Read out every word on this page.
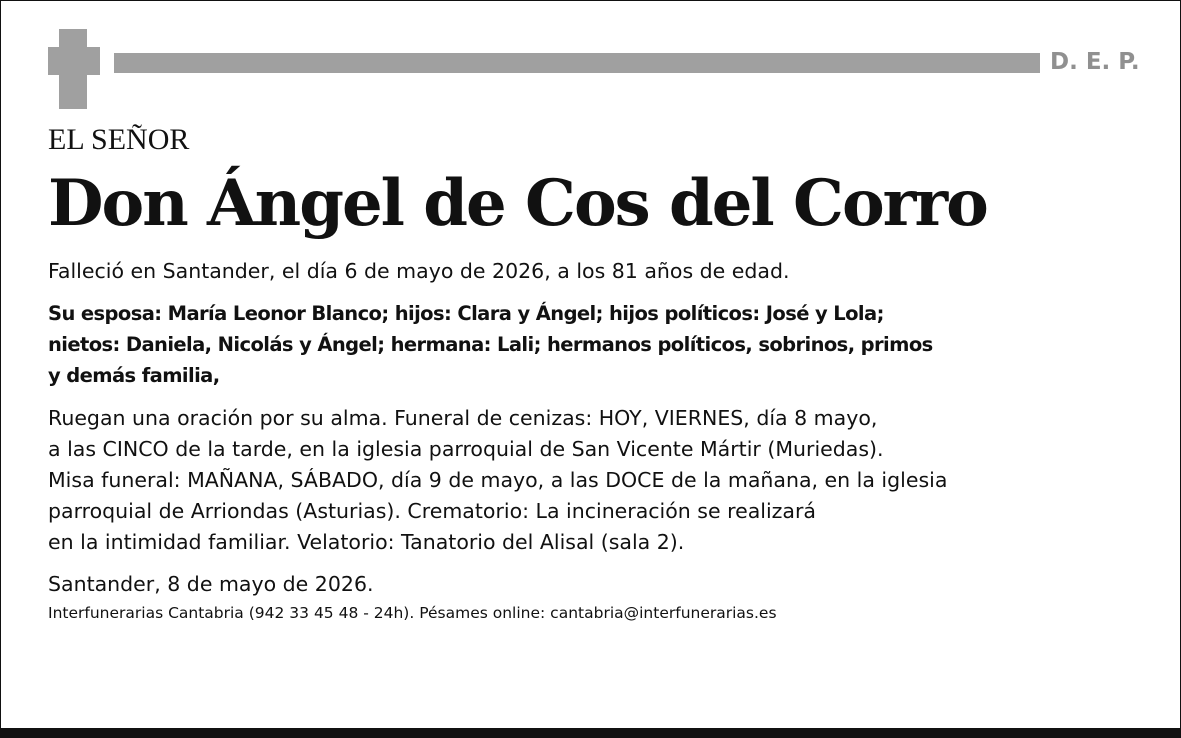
D. E. P.
EL SEÑOR
Don Ángel de Cos del Corro
Falleció en Santander, el día 6 de mayo de 2026, a los 81 años de edad.
Su esposa: María Leonor Blanco; hijos: Clara y Ángel; hijos políticos: José y Lola;
nietos: Daniela, Nicolás y Ángel; hermana: Lali; hermanos políticos, sobrinos, primos
y demás familia,
Ruegan una oración por su alma. Funeral de cenizas: HOY, VIERNES, día 8 mayo,
a las CINCO de la tarde, en la iglesia parroquial de San Vicente Mártir (Muriedas).
Misa funeral: MAÑANA, SÁBADO, día 9 de mayo, a las DOCE de la mañana, en la iglesia
parroquial de Arriondas (Asturias). Crematorio: La incineración se realizará
en la intimidad familiar. Velatorio: Tanatorio del Alisal (sala 2).
Santander, 8 de mayo de 2026.
Interfunerarias Cantabria (942 33 45 48 - 24h). Pésames online: cantabria@interfunerarias.es
